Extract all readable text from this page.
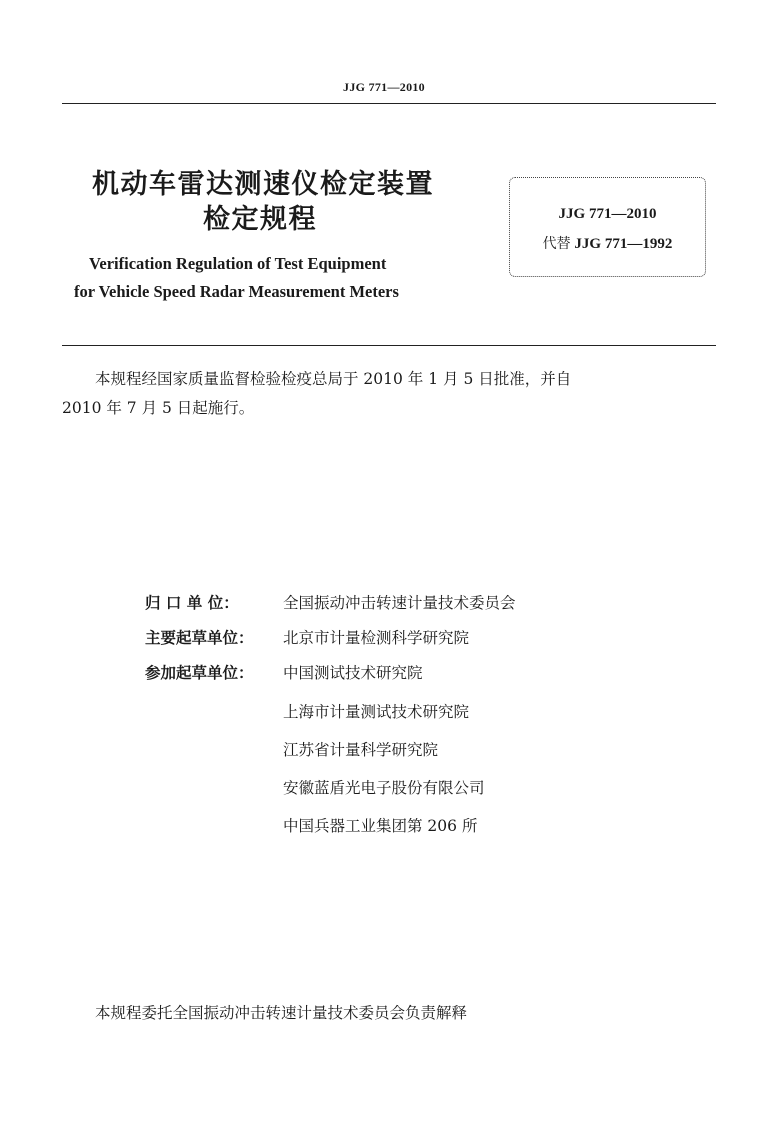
JJG 771—2010
机动车雷达测速仪检定装置
检定规程
Verification Regulation of Test Equipment
for Vehicle Speed Radar Measurement Meters
JJG 771—2010
代替 JJG 771—1992
本规程经国家质量监督检验检疫总局于 2010 年 1 月 5 日批准，并自
2010 年 7 月 5 日起施行。
归 口 单 位：	全国振动冲击转速计量技术委员会
主要起草单位： 北京市计量检测科学研究院
参加起草单位： 中国测试技术研究院
上海市计量测试技术研究院
江苏省计量科学研究院
安徽蓝盾光电子股份有限公司
中国兵器工业集团第 206 所
本规程委托全国振动冲击转速计量技术委员会负责解释
